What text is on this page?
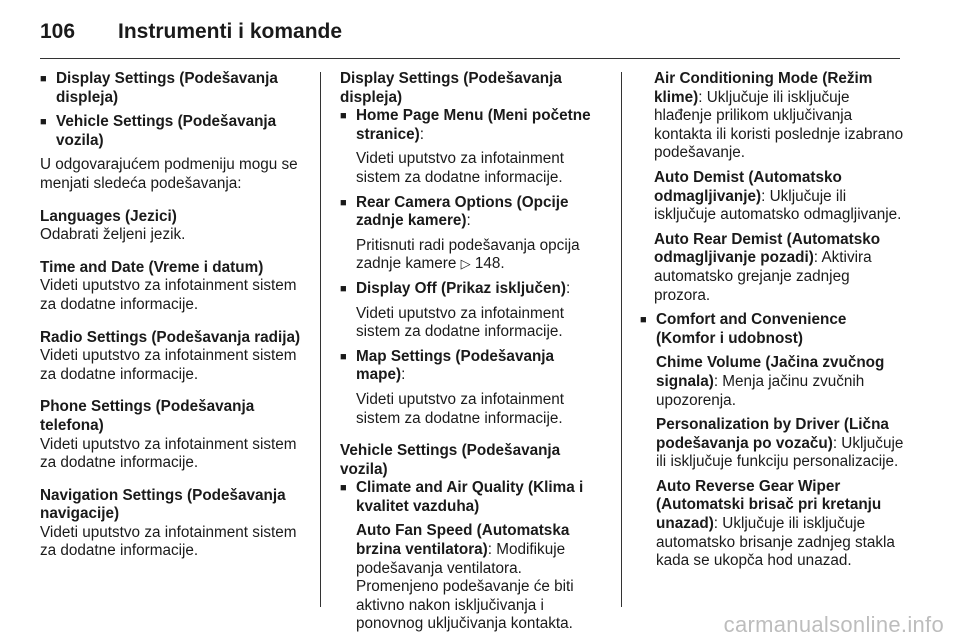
106 Instrumenti i komande
■ Display Settings (Podešavanja displeja)
■ Vehicle Settings (Podešavanja vozila)
U odgovarajućem podmeniju mogu se menjati sledeća podešavanja:
Languages (Jezici)
Odabrati željeni jezik.
Time and Date (Vreme i datum)
Videti uputstvo za infotainment sistem za dodatne informacije.
Radio Settings (Podešavanja radija)
Videti uputstvo za infotainment sistem za dodatne informacije.
Phone Settings (Podešavanja telefona)
Videti uputstvo za infotainment sistem za dodatne informacije.
Navigation Settings (Podešavanja navigacije)
Videti uputstvo za infotainment sistem za dodatne informacije.
Display Settings (Podešavanja displeja)
■ Home Page Menu (Meni početne stranice):
Videti uputstvo za infotainment sistem za dodatne informacije.
■ Rear Camera Options (Opcije zadnje kamere):
Pritisnuti radi podešavanja opcija zadnje kamere ▷ 148.
■ Display Off (Prikaz isključen):
Videti uputstvo za infotainment sistem za dodatne informacije.
■ Map Settings (Podešavanja mape):
Videti uputstvo za infotainment sistem za dodatne informacije.
Vehicle Settings (Podešavanja vozila)
■ Climate and Air Quality (Klima i kvalitet vazduha)
Auto Fan Speed (Automatska brzina ventilatora): Modifikuje podešavanja ventilatora. Promenjeno podešavanje će biti aktivno nakon isključivanja i ponovnog uključivanja kontakta.
Air Conditioning Mode (Režim klime): Uključuje ili isključuje hlađenje prilikom uključivanja kontakta ili koristi poslednje izabrano podešavanje.
Auto Demist (Automatsko odmagljivanje): Uključuje ili isključuje automatsko odmagljivanje.
Auto Rear Demist (Automatsko odmagljivanje pozadi): Aktivira automatsko grejanje zadnjeg prozora.
■ Comfort and Convenience (Komfor i udobnost)
Chime Volume (Jačina zvučnog signala): Menja jačinu zvučnih upozorenja.
Personalization by Driver (Lična podešavanja po vozaču): Uključuje ili isključuje funkciju personalizacije.
Auto Reverse Gear Wiper (Automatski brisač pri kretanju unazad): Uključuje ili isključuje automatsko brisanje zadnjeg stakla kada se ukopča hod unazad.
carmanualsonline.info
